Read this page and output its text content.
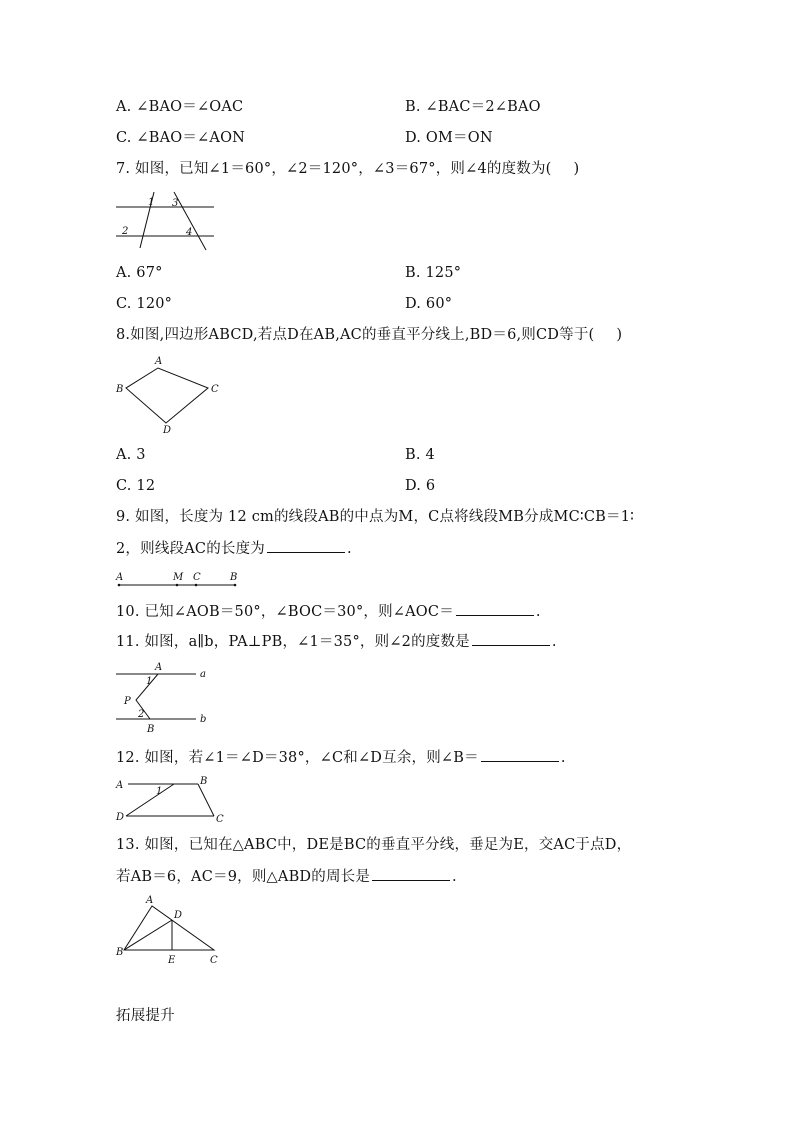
A. ∠BAO＝∠OAC	B. ∠BAC＝2∠BAO
C. ∠BAO＝∠AON	D. OM＝ON
7. 如图，已知∠1＝60°，∠2＝120°，∠3＝67°，则∠4的度数为( )
1
2
3
4
A. 67°	B. 125°
C. 120°	D. 60°
8.如图,四边形ABCD,若点D在AB,AC的垂直平分线上,BD＝6,则CD等于( )
A
B	C
D
A. 3	B. 4
C. 12	D. 6
9. 如图，长度为 12 cm的线段AB的中点为M，C点将线段MB分成MC∶CB＝1∶
2，则线段AC的长度为	.
A	M C	B
10. 已知∠AOB＝50°，∠BOC＝30°，则∠AOC＝	.
11. 如图，a∥b，PA⊥PB，∠1＝35°，则∠2的度数是	.
A
a
P
1
2
B
b
12. 如图，若∠1＝∠D＝38°，∠C和∠D互余，则∠B＝	.
A	B
1
D	C
13. 如图，已知在△ABC中，DE是BC的垂直平分线，垂足为E，交AC于点D，
若AB＝6，AC＝9，则△ABD的周长是	.
A
D
B
E	C
拓展提升
